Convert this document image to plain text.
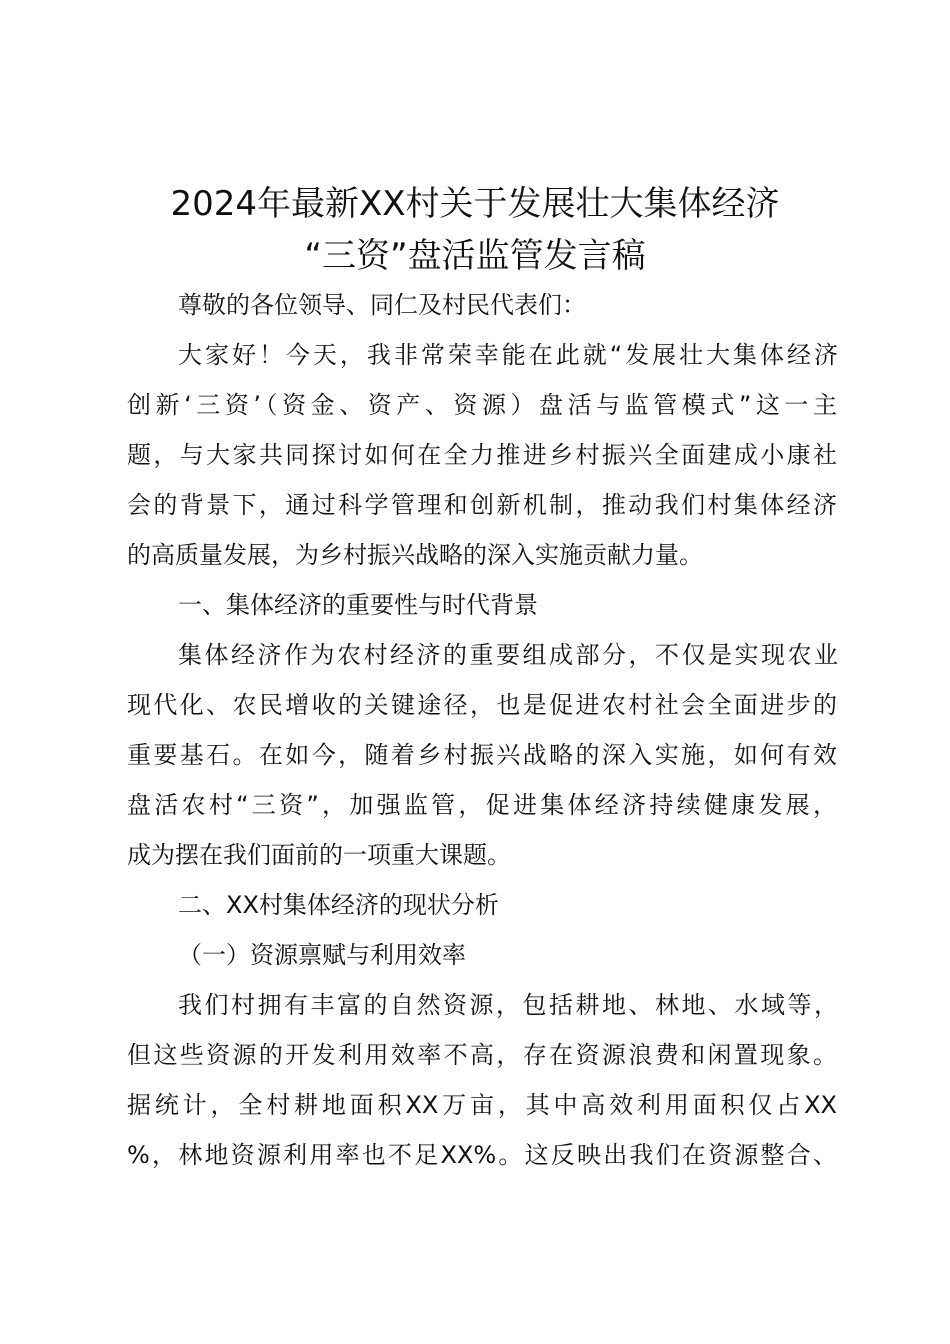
2024年最新XX村关于发展壮大集体经济
“三资”盘活监管发言稿
尊敬的各位领导、同仁及村民代表们：
大家好！今天，我非常荣幸能在此就“发展壮大集体经济
创新‘三资’（资金、资产、资源）盘活与监管模式”这一主
题，与大家共同探讨如何在全力推进乡村振兴全面建成小康社
会的背景下，通过科学管理和创新机制，推动我们村集体经济
的高质量发展，为乡村振兴战略的深入实施贡献力量。
一、集体经济的重要性与时代背景
集体经济作为农村经济的重要组成部分，不仅是实现农业
现代化、农民增收的关键途径，也是促进农村社会全面进步的
重要基石。在如今，随着乡村振兴战略的深入实施，如何有效
盘活农村“三资”，加强监管，促进集体经济持续健康发展，
成为摆在我们面前的一项重大课题。
二、XX村集体经济的现状分析
（一）资源禀赋与利用效率
我们村拥有丰富的自然资源，包括耕地、林地、水域等，
但这些资源的开发利用效率不高，存在资源浪费和闲置现象。
据统计，全村耕地面积XX万亩，其中高效利用面积仅占XX
%，林地资源利用率也不足XX%。这反映出我们在资源整合、
